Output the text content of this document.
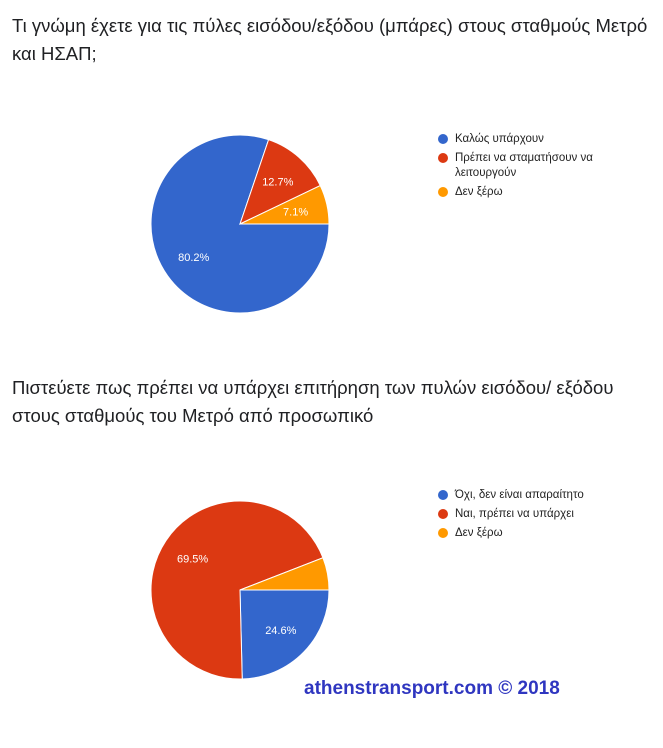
Τι γνώμη έχετε για τις πύλες εισόδου/εξόδου (μπάρες) στους σταθμούς Μετρό και ΗΣΑΠ;
80.2%
12.7%
7.1%
Καλώς υπάρχουν
Πρέπει να σταματήσουν να λειτουργούν
Δεν ξέρω
Πιστεύετε πως πρέπει να υπάρχει επιτήρηση των πυλών εισόδου/ εξόδου στους σταθμούς του Μετρό από προσωπικό
24.6%
69.5%
Όχι, δεν είναι απαραίτητο
Ναι, πρέπει να υπάρχει
Δεν ξέρω
athenstransport.com © 2018
